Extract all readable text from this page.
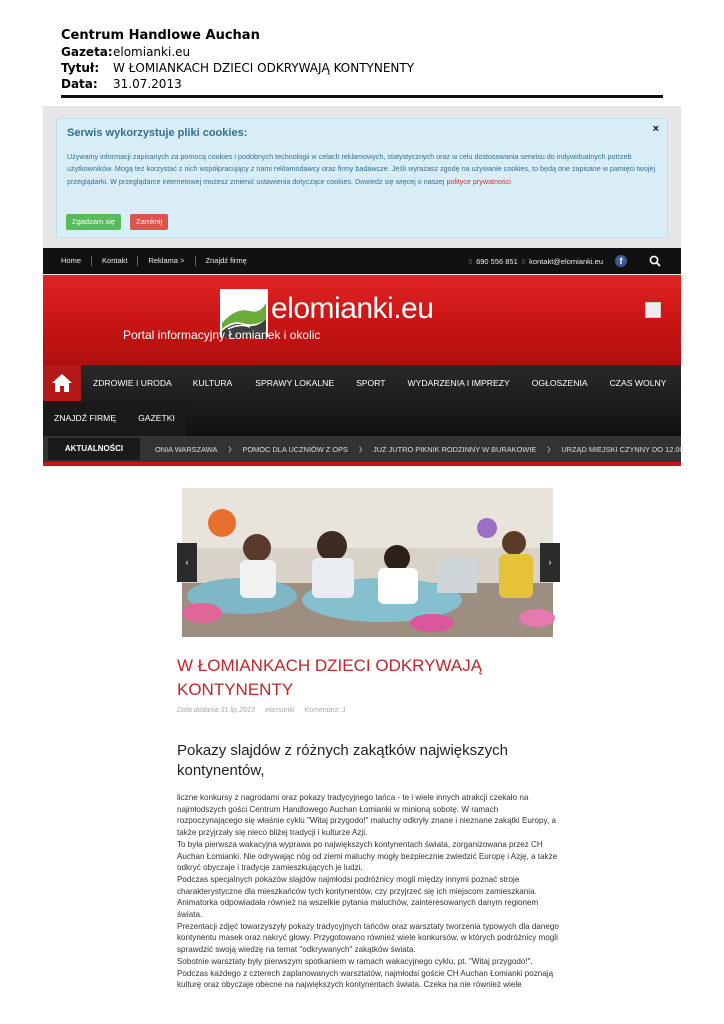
Centrum Handlowe Auchan
Gazeta: elomianki.eu
Tytuł:	W ŁOMIANKACH DZIECI ODKRYWAJĄ KONTYNENTY
Data:	31.07.2013
Serwis wykorzystuje pliki cookies:	×
Używamy informacji zapisanych za pomocą cookies i podobnych technologii w celach reklamowych, statystycznych oraz w celu dostosowania serwisu do indywidualnych potrzeb użytkowników. Mogą też korzystać z nich współpracujący z nami reklamodawcy oraz firmy badawcze. Jeśli wyrażasz zgodę na używanie cookies, to będą one zapisane w pamięci twojej przeglądarki. W przeglądarce internetowej możesz zmienić ustawienia dotyczące cookies. Dowiedz się więcej o naszej polityce prywatności
Zgadzam się	Zamknij
Home	Kontakt	Reklama >	Znajdź firmę	▯ 690 556 851 ▯ kontakt@elomianki.eu	f
elomianki.eu
Portal informacyjny Łomianek i okolic
ZDROWIE I URODA KULTURA	SPRAWY LOKALNE	SPORT	WYDARZENIA I IMPREZY	OGŁOSZENIA	CZAS WOLNY
ZNAJDŹ FIRMĘ	GAZETKI
AKTUALNOŚCI	ONIA WARSZAWA ❯ POMOC DLA UCZNIÓW Z OPS ❯ JUŻ JUTRO PIKNIK RODZINNY W BURAKOWIE ❯ URZĄD MIEJSKI CZYNNY DO 12.00
‹	›
W ŁOMIANKACH DZIECI ODKRYWAJĄ KONTYNENTY
Data dodania 31 lip 2013 elomianki Komentarz: 1
Pokazy slajdów z różnych zakątków największych kontynentów,

liczne konkursy z nagrodami oraz pokazy tradycyjnego tańca - te i wiele innych atrakcji czekało na najmłodszych gości Centrum Handlowego Auchan Łomianki w minioną sobotę. W ramach rozpoczynającego się właśnie cyklu "Witaj przygodo!" maluchy odkryły znane i nieznane zakątki Europy, a także przyjrzały się nieco bliżej tradycji i kulturze Azji.

To była pierwsza wakacyjna wyprawa po największych kontynentach świata, zorganizowana przez CH Auchan Łomianki. Nie odrywając nóg od ziemi maluchy mogły bezpiecznie zwiedzić Europę i Azję, a także odkryć obyczaje i tradycje zamieszkujących je ludzi.

Podczas specjalnych pokazów slajdów najmłodsi podróżnicy mogli między innymi poznać stroje charakterystyczne dla mieszkańców tych kontynentów, czy przyjrzeć się ich miejscom zamieszkania. Animatorka odpowiadała również na wszelkie pytania maluchów, zainteresowanych danym regionem świata.

Prezentacji zdjęć towarzyszyły pokazy tradycyjnych tańców oraz warsztaty tworzenia typowych dla danego kontynentu masek oraz nakryć głowy. Przygotowano również wiele konkursów, w których podróżnicy mogli sprawdzić swoją wiedzę na temat "odkrywanych" zakątków świata.

Sobotnie warsztaty były pierwszym spotkaniem w ramach wakacyjnego cyklu, pt. "Witaj przygodo!". Podczas każdego z czterech zaplanowanych warsztatów, najmłodsi goście CH Auchan Łomianki poznają kulturę oraz obyczaje obecne na największych kontynentach świata. Czeka na nie również wiele
